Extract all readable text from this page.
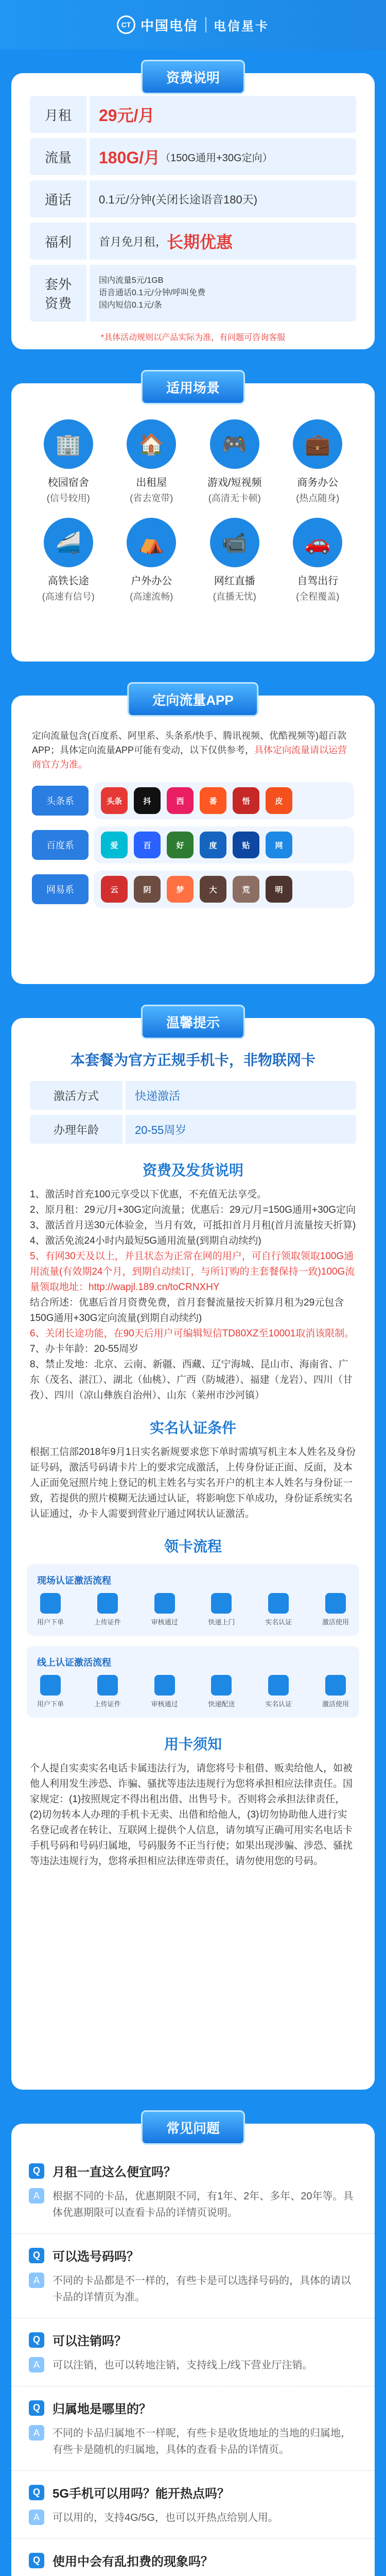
CT 中国电信 电信星卡
资费说明
月租	29元/月
流量	180G/月 （150G通用+30G定向）
通话	0.1元/分钟(关闭长途语音180天)
福利	首月免月租， 长期优惠
套外
资费
国内流量5元/1GB
语音通话0.1元/分钟/呼叫免费
国内短信0.1元/条
*具体活动规则以产品实际为准，有问题可咨询客服
适用场景
🏢
校园宿舍
(信号较用)
🏠
出租屋
(省去宽带)
🎮
游戏/短视频
(高清无卡顿)
💼
商务办公
(热点随身)
🚄
高铁长途
(高速有信号)
⛺
户外办公
(高速流畅)
📹
网红直播
(直播无忧)
🚗
自驾出行
(全程覆盖)
定向流量APP
定向流量包含(百度系、阿里系、头条系/快手、腾讯视频、优酷视频等)超百款APP；具体定向流量APP可能有变动，以下仅供参考，具体定向流量请以运营商官方为准。
头条系	头条	抖	西	番	悟	皮
百度系	爱	百	好	度	贴	网
网易系	云	阴	梦	大	荒	明
温馨提示
本套餐为官方正规手机卡，非物联网卡
激活方式	快递激活
办理年龄	20-55周岁
资费及发货说明
1、激活时首充100元享受以下优惠，不充值无法享受。
2、原月租：29元/月+30G定向流量；优惠后：29元/月=150G通用+30G定向
3、激活首月送30元体验金，当月有效，可抵扣首月月租(首月流量按天折算)
4、激活免流24小时内最短5G通用流量(到期自动续约)
5、有网30天及以上，并且状态为正常在网的用户，可自行领取领取100G通用流量(有效期24个月，到期自动续订，与所订购的主套餐保持一致)100G流量领取地址：http://wapjl.189.cn/toCRNXHY
结合所述：优惠后首月资费免费，首月套餐流量按天折算月租为29元包含150G通用+30G定向流量(到期自动续约)
6、关闭长途功能，在90天后用户可编辑短信TD80XZ至10001取消该限制。
7、办卡年龄：20-55周岁
8、禁止发地：北京、云南、新疆、西藏、辽宁海城、昆山市、海南省、广东（茂名、湛江）、湖北（仙桃）、广西（防城港）、福建（龙岩）、四川（甘孜）、四川（凉山彝族自治州）、山东（莱州市沙河镇）
实名认证条件
根据工信部2018年9月1日实名新规要求您下单时需填写机主本人姓名及身份证号码，激活号码请卡片上的要求完成激活，上传身份证正面、反面，及本人正面免冠照片纯上登记的机主姓名与实名开户的机主本人姓名与身份证一致，若提供的照片模糊无法通过认证，将影响您下单成功，身份证系统实名认证通过，办卡人需要到营业厅通过网状认证激活。
领卡流程
现场认证激活流程
用户下单	上传证件	审核通过	快递上门	实名认证	激活使用
线上认证激活流程
用户下单	上传证件	审核通过	快递配送	实名认证	激活使用
用卡须知
个人提自实卖实名电话卡属违法行为，请您将号卡租借、贩卖给他人，如被他人利用发生涉恐、诈骗、骚扰等违法违规行为您将承担相应法律责任。国家规定：(1)按照规定不得出租出借、出售号卡。否则将会承担法律责任，(2)切勿转本人办理的手机卡无卖、出借和给他人，(3)切勿协助他人进行实名登记或者在转让、互联网上提供个人信息，请勿填写正确可用实名电话卡手机号码和号码归属地，号码服务不正当行使；如果出现涉骗、涉恐、骚扰等违法违规行为，您将承担相应法律连带责任，请勿使用您的号码。
常见问题
Q	月租一直这么便宜吗？
A	根据不同的卡品，优惠期限不同，有1年、2年、多年、20年等。具体优惠期限可以查看卡品的详情页说明。
Q	可以选号码吗？
A	不同的卡品都是不一样的，有些卡是可以选择号码的，具体的请以卡品的详情页为准。
Q	可以注销吗？
A	可以注销，也可以转地注销，支持线上/线下营业厅注销。
Q	归属地是哪里的？
A	不同的卡品归属地不一样呢，有些卡是收货地址的当地的归属地，有些卡是随机的归属地，具体的查看卡品的详情页。
Q	5G手机可以用吗？能开热点吗？
A	可以用的，支持4G/5G，也可以开热点给别人用。
Q	使用中会有乱扣费的现象吗？
